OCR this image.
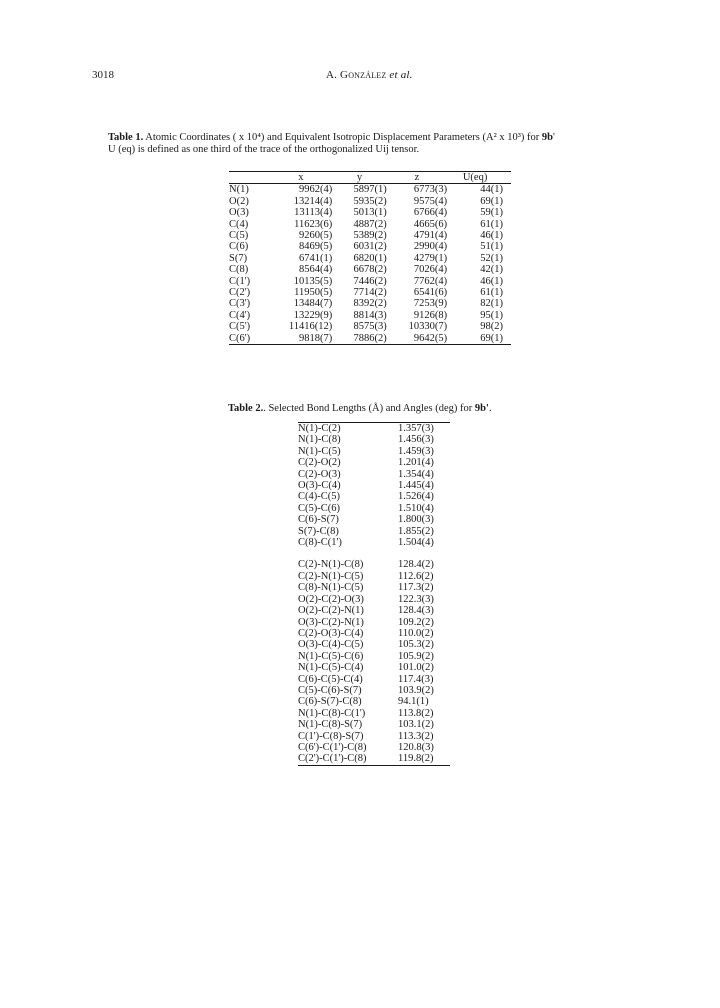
3018	A. González et al.
Table 1. Atomic Coordinates ( x 10⁴) and Equivalent Isotropic Displacement Parameters (A² x 10³) for 9b'
U (eq) is defined as one third of the trace of the orthogonalized Uij tensor.
	x	y	z	U(eq)
N(1)	9962(4)	5897(1)	6773(3)	44(1)
O(2)	13214(4)	5935(2)	9575(4)	69(1)
O(3)	13113(4)	5013(1)	6766(4)	59(1)
C(4)	11623(6)	4887(2)	4665(6)	61(1)
C(5)	9260(5)	5389(2)	4791(4)	46(1)
C(6)	8469(5)	6031(2)	2990(4)	51(1)
S(7)	6741(1)	6820(1)	4279(1)	52(1)
C(8)	8564(4)	6678(2)	7026(4)	42(1)
C(1')	10135(5)	7446(2)	7762(4)	46(1)
C(2')	11950(5)	7714(2)	6541(6)	61(1)
C(3')	13484(7)	8392(2)	7253(9)	82(1)
C(4')	13229(9)	8814(3)	9126(8)	95(1)
C(5')	11416(12)	8575(3)	10330(7)	98(2)
C(6')	9818(7)	7886(2)	9642(5)	69(1)
Table 2.. Selected Bond Lengths (Å) and Angles (deg) for 9b'.
N(1)-C(2)	1.357(3)
N(1)-C(8)	1.456(3)
N(1)-C(5)	1.459(3)
C(2)-O(2)	1.201(4)
C(2)-O(3)	1.354(4)
O(3)-C(4)	1.445(4)
C(4)-C(5)	1.526(4)
C(5)-C(6)	1.510(4)
C(6)-S(7)	1.800(3)
S(7)-C(8)	1.855(2)
C(8)-C(1')	1.504(4)

C(2)-N(1)-C(8)	128.4(2)
C(2)-N(1)-C(5)	112.6(2)
C(8)-N(1)-C(5)	117.3(2)
O(2)-C(2)-O(3)	122.3(3)
O(2)-C(2)-N(1)	128.4(3)
O(3)-C(2)-N(1)	109.2(2)
C(2)-O(3)-C(4)	110.0(2)
O(3)-C(4)-C(5)	105.3(2)
N(1)-C(5)-C(6)	105.9(2)
N(1)-C(5)-C(4)	101.0(2)
C(6)-C(5)-C(4)	117.4(3)
C(5)-C(6)-S(7)	103.9(2)
C(6)-S(7)-C(8)	94.1(1)
N(1)-C(8)-C(1')	113.8(2)
N(1)-C(8)-S(7)	103.1(2)
C(1')-C(8)-S(7)	113.3(2)
C(6')-C(1')-C(8)	120.8(3)
C(2')-C(1')-C(8)	119.8(2)
